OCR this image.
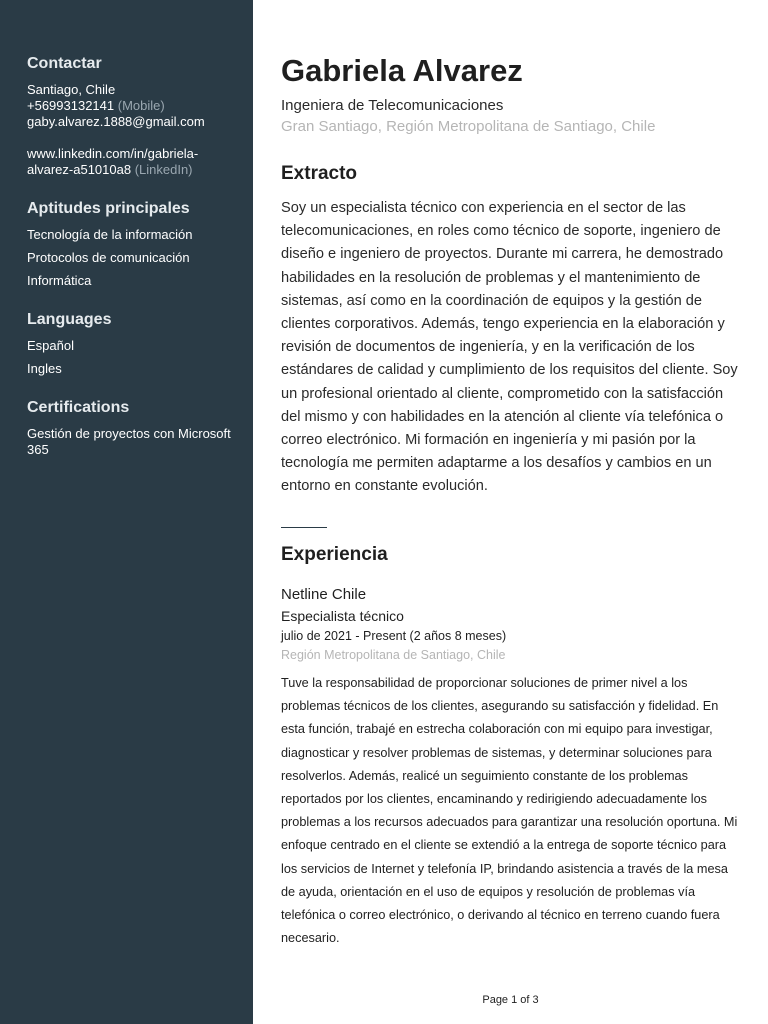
Contactar
Santiago, Chile
+56993132141 (Mobile)
gaby.alvarez.1888@gmail.com
www.linkedin.com/in/gabriela-
alvarez-a51010a8 (LinkedIn)
Aptitudes principales
Tecnología de la información
Protocolos de comunicación
Informática
Languages
Español
Ingles
Certifications
Gestión de proyectos con Microsoft 365
Gabriela Alvarez
Ingeniera de Telecomunicaciones
Gran Santiago, Región Metropolitana de Santiago, Chile
Extracto

Soy un especialista técnico con experiencia en el sector de las telecomunicaciones, en roles como técnico de soporte, ingeniero de diseño e ingeniero de proyectos. Durante mi carrera, he demostrado habilidades en la resolución de problemas y el mantenimiento de sistemas, así como en la coordinación de equipos y la gestión de clientes corporativos. Además, tengo experiencia en la elaboración y revisión de documentos de ingeniería, y en la verificación de los estándares de calidad y cumplimiento de los requisitos del cliente. Soy un profesional orientado al cliente, comprometido con la satisfacción del mismo y con habilidades en la atención al cliente vía telefónica o correo electrónico. Mi formación en ingeniería y mi pasión por la tecnología me permiten adaptarme a los desafíos y cambios en un entorno en constante evolución.

Experiencia
Netline Chile
Especialista técnico
julio de 2021 - Present (2 años 8 meses)
Región Metropolitana de Santiago, Chile

Tuve la responsabilidad de proporcionar soluciones de primer nivel a los problemas técnicos de los clientes, asegurando su satisfacción y fidelidad. En esta función, trabajé en estrecha colaboración con mi equipo para investigar, diagnosticar y resolver problemas de sistemas, y determinar soluciones para resolverlos. Además, realicé un seguimiento constante de los problemas reportados por los clientes, encaminando y redirigiendo adecuadamente los problemas a los recursos adecuados para garantizar una resolución oportuna. Mi enfoque centrado en el cliente se extendió a la entrega de soporte técnico para los servicios de Internet y telefonía IP, brindando asistencia a través de la mesa de ayuda, orientación en el uso de equipos y resolución de problemas vía telefónica o correo electrónico, o derivando al técnico en terreno cuando fuera necesario.

Page 1 of 3
